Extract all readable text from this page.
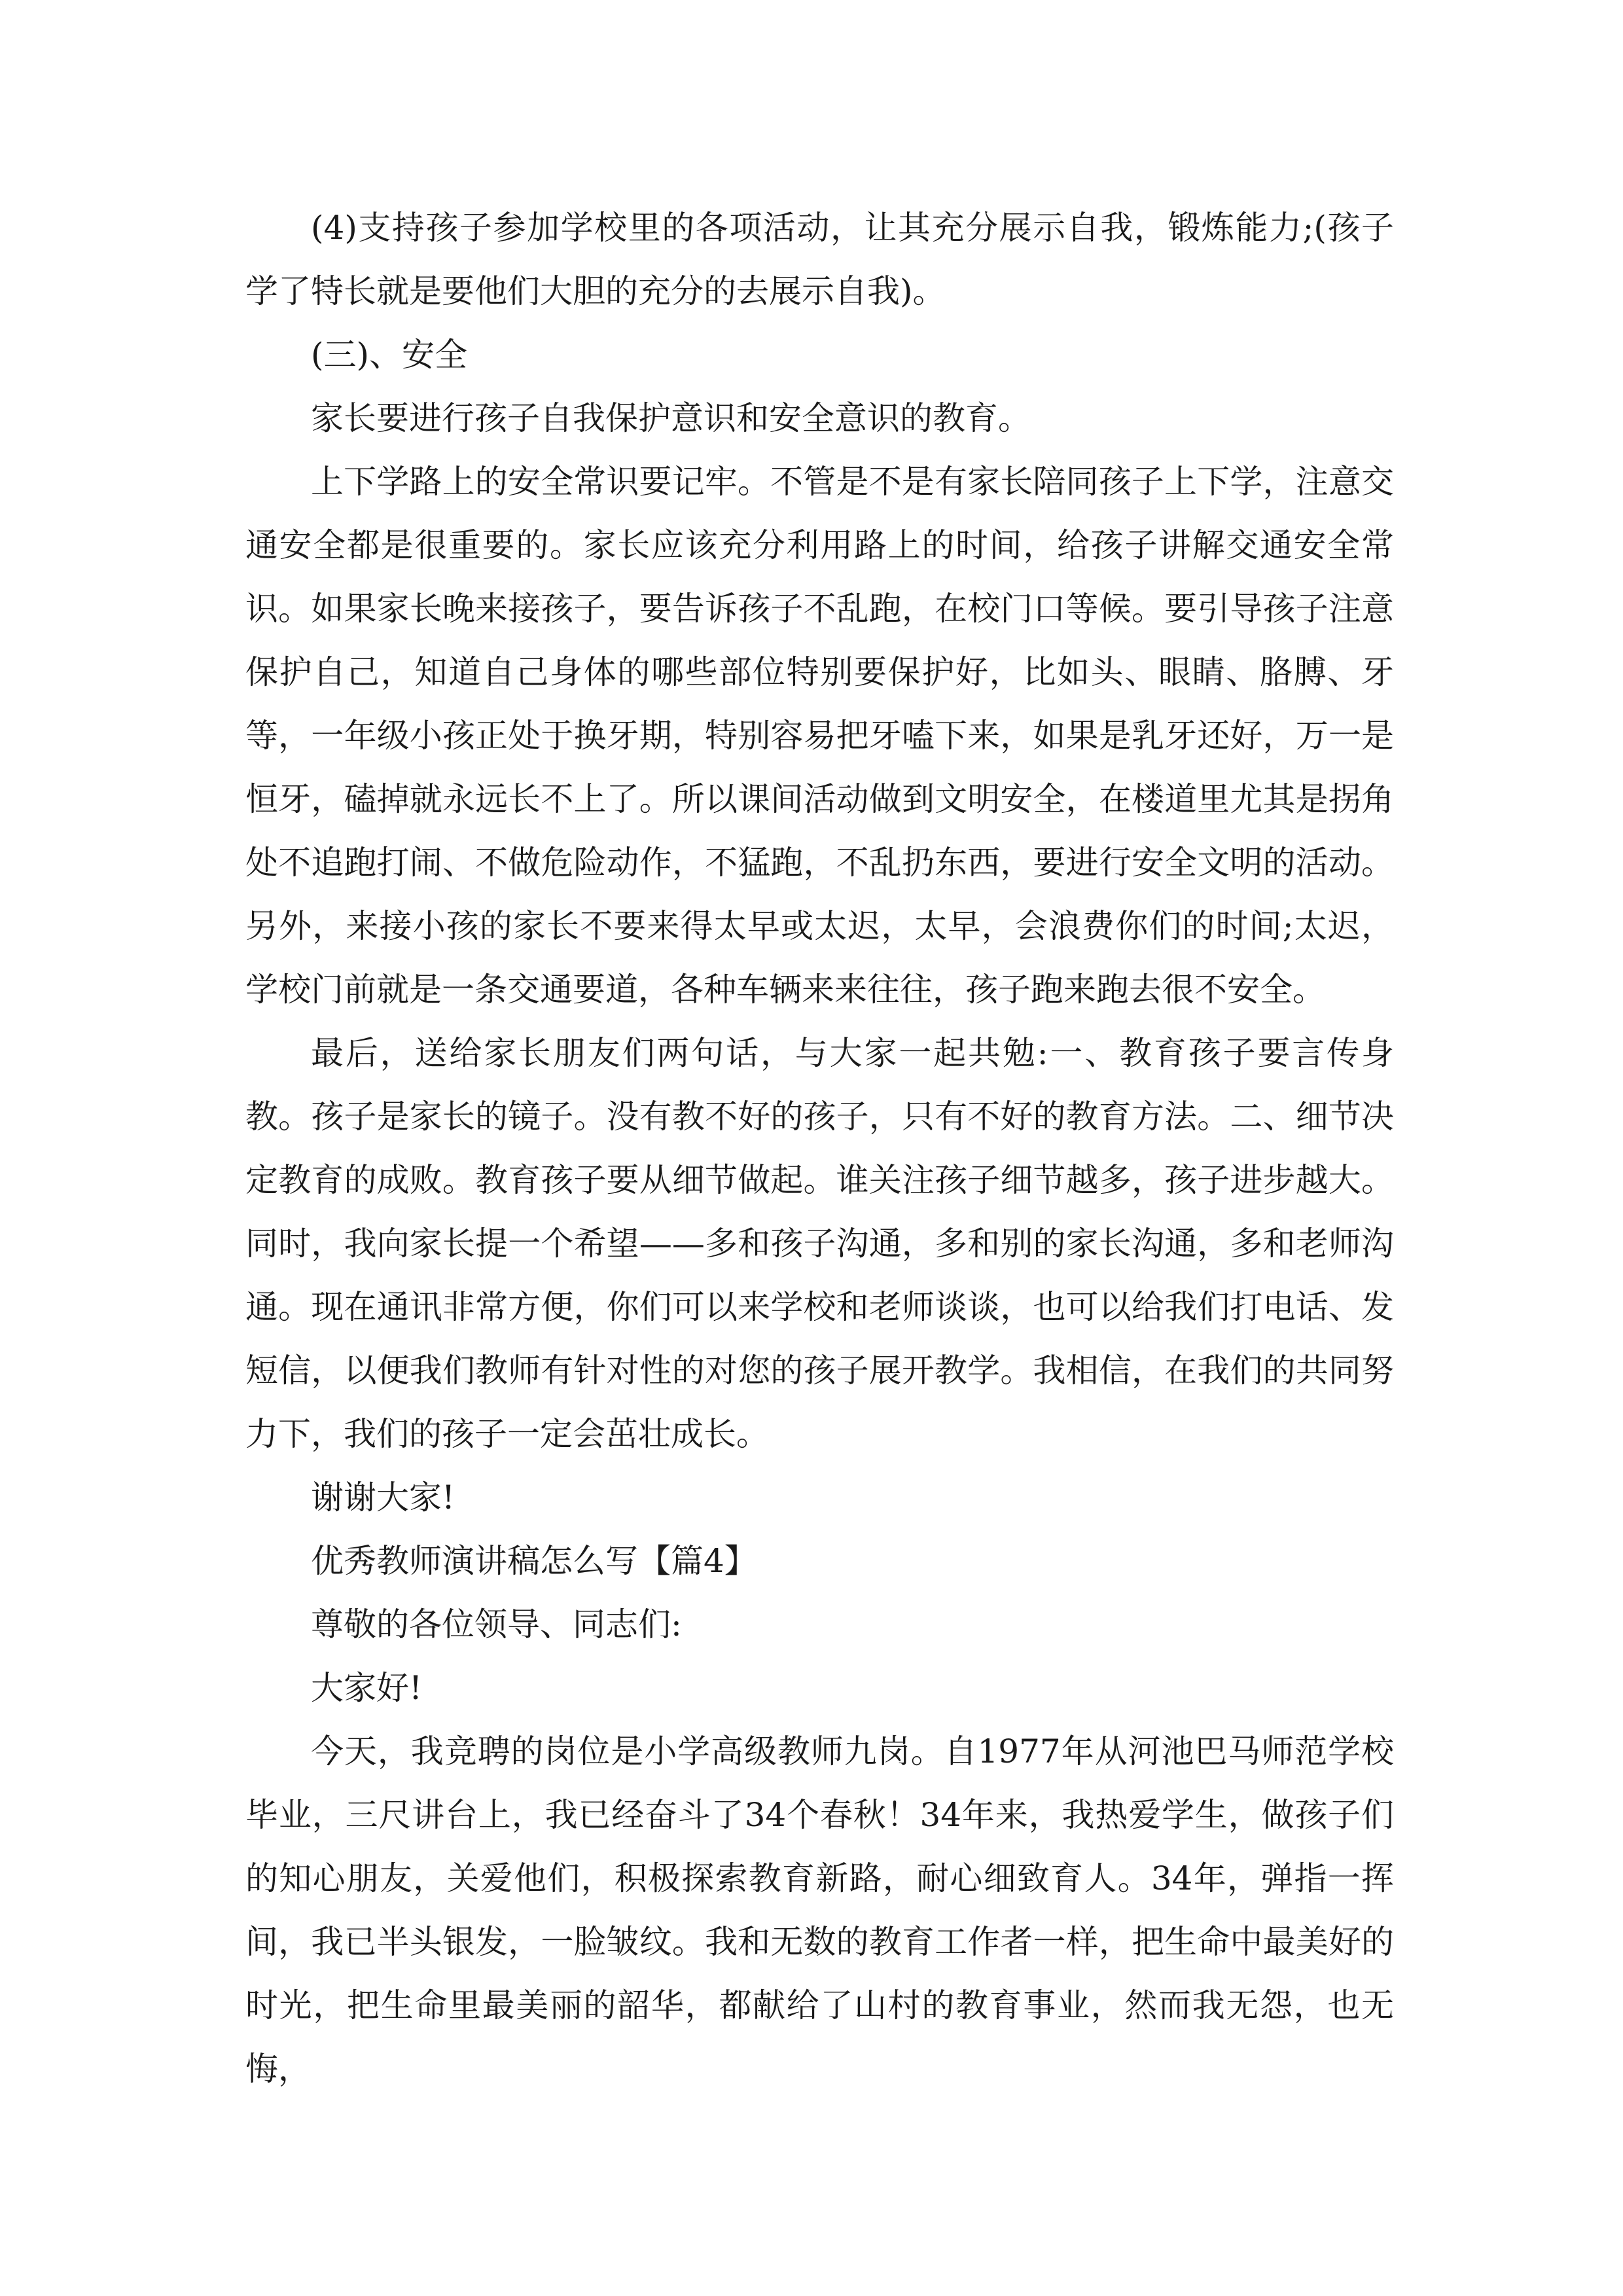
(4)支持孩子参加学校里的各项活动，让其充分展示自我，锻炼能力;(孩子学了特长就是要他们大胆的充分的去展示自我)。

(三)、安全

家长要进行孩子自我保护意识和安全意识的教育。

上下学路上的安全常识要记牢。不管是不是有家长陪同孩子上下学，注意交通安全都是很重要的。家长应该充分利用路上的时间，给孩子讲解交通安全常识。如果家长晚来接孩子，要告诉孩子不乱跑，在校门口等候。要引导孩子注意保护自己，知道自己身体的哪些部位特别要保护好，比如头、眼睛、胳膊、牙等，一年级小孩正处于换牙期，特别容易把牙嗑下来，如果是乳牙还好，万一是恒牙，磕掉就永远长不上了。所以课间活动做到文明安全，在楼道里尤其是拐角处不追跑打闹、不做危险动作，不猛跑，不乱扔东西，要进行安全文明的活动。 另外，来接小孩的家长不要来得太早或太迟，太早，会浪费你们的时间;太迟，学校门前就是一条交通要道，各种车辆来来往往，孩子跑来跑去很不安全。

最后，送给家长朋友们两句话，与大家一起共勉:一、教育孩子要言传身教。孩子是家长的镜子。没有教不好的孩子，只有不好的教育方法。二、细节决定教育的成败。教育孩子要从细节做起。谁关注孩子细节越多，孩子进步越大。同时，我向家长提一个希望——多和孩子沟通，多和别的家长沟通，多和老师沟通。现在通讯非常方便，你们可以来学校和老师谈谈，也可以给我们打电话、发短信，以便我们教师有针对性的对您的孩子展开教学。我相信，在我们的共同努力下，我们的孩子一定会茁壮成长。

谢谢大家!

优秀教师演讲稿怎么写【篇4】

尊敬的各位领导、同志们:

大家好!

今天，我竞聘的岗位是小学高级教师九岗。自1977年从河池巴马师范学校毕业，三尺讲台上，我已经奋斗了34个春秋！34年来，我热爱学生，做孩子们的知心朋友，关爱他们，积极探索教育新路，耐心细致育人。34年，弹指一挥间，我已半头银发，一脸皱纹。我和无数的教育工作者一样，把生命中最美好的时光，把生命里最美丽的韶华，都献给了山村的教育事业，然而我无怨，也无悔，
